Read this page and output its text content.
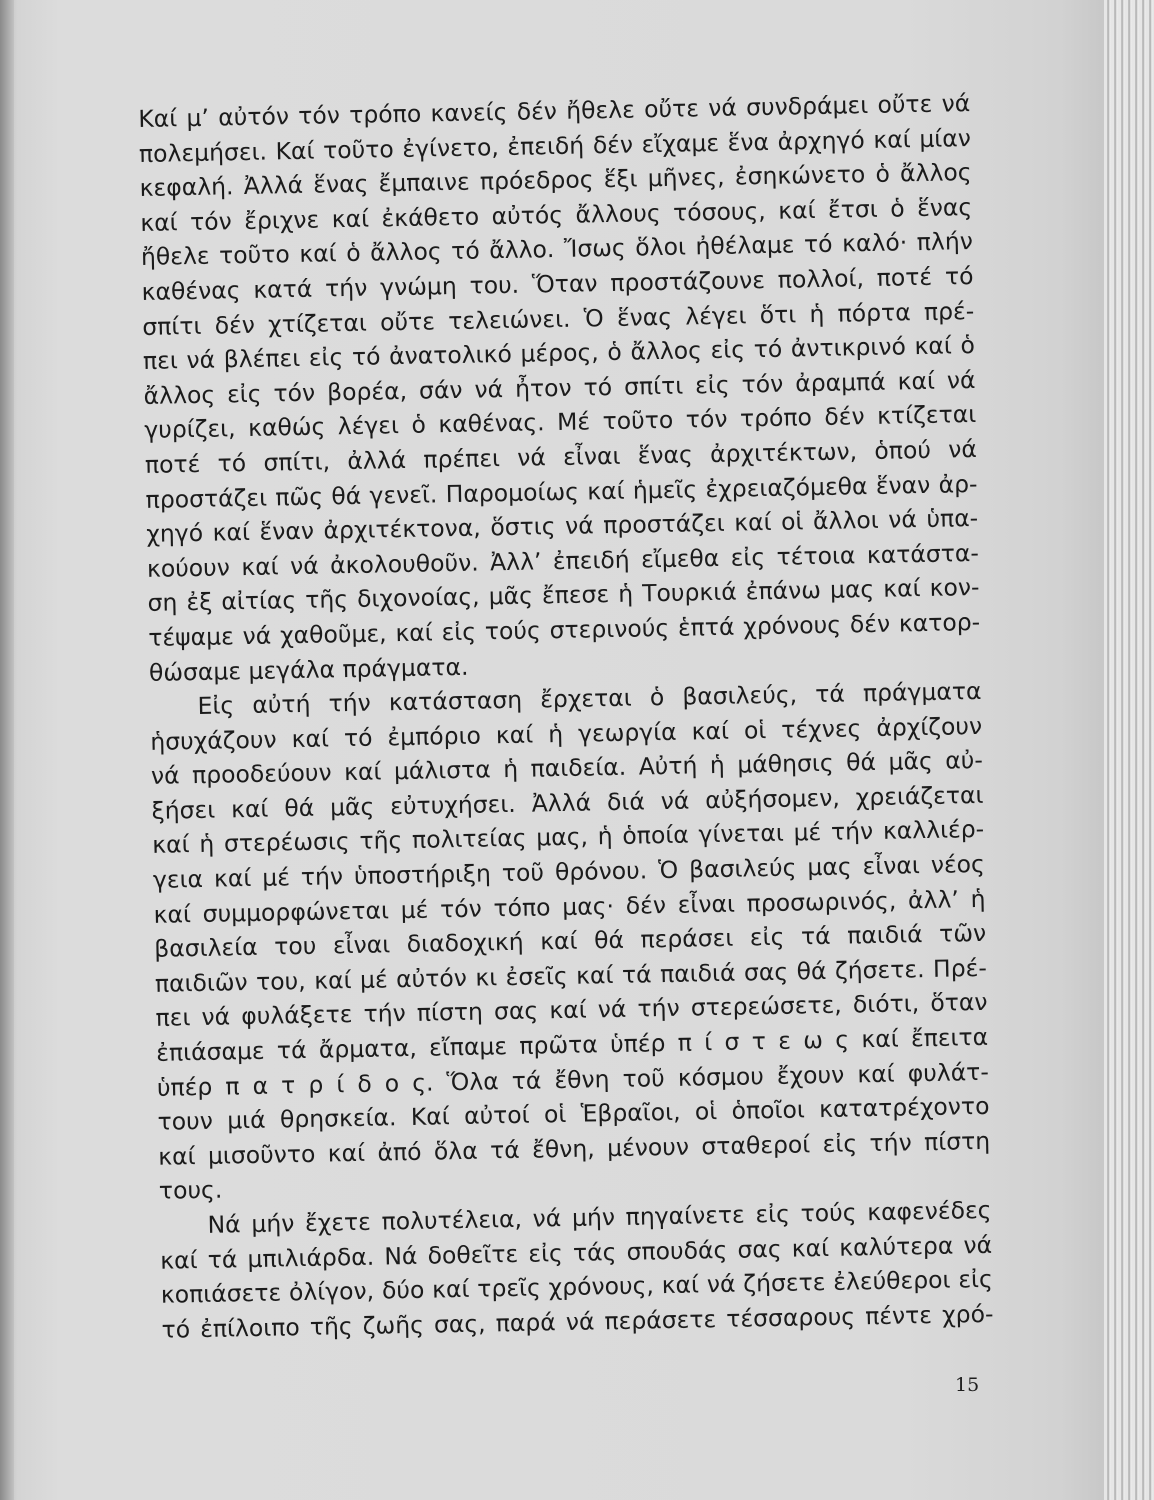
Καί μ’ αὐτόν τόν τρόπο κανείς δέν ἤθελε οὔτε νά συνδράμει οὔτε νά
πολεμήσει. Καί τοῦτο ἐγίνετο, ἐπειδή δέν εἴχαμε ἕνα ἀρχηγό καί μίαν
κεφαλή. Ἀλλά ἕνας ἔμπαινε πρόεδρος ἕξι μῆνες, ἐσηκώνετο ὁ ἄλλος
καί τόν ἔριχνε καί ἐκάθετο αὐτός ἄλλους τόσους, καί ἔτσι ὁ ἕνας
ἤθελε τοῦτο καί ὁ ἄλλος τό ἄλλο. Ἴσως ὅλοι ἠθέλαμε τό καλό· πλήν
καθένας κατά τήν γνώμη του. Ὅταν προστάζουνε πολλοί, ποτέ τό
σπίτι δέν χτίζεται οὔτε τελειώνει. Ὁ ἕνας λέγει ὅτι ἡ πόρτα πρέ-
πει νά βλέπει εἰς τό ἀνατολικό μέρος, ὁ ἄλλος εἰς τό ἀντικρινό καί ὁ
ἄλλος εἰς τόν βορέα, σάν νά ἦτον τό σπίτι εἰς τόν ἀραμπά καί νά
γυρίζει, καθώς λέγει ὁ καθένας. Μέ τοῦτο τόν τρόπο δέν κτίζεται
ποτέ τό σπίτι, ἀλλά πρέπει νά εἶναι ἕνας ἀρχιτέκτων, ὁπού νά
προστάζει πῶς θά γενεῖ. Παρομοίως καί ἡμεῖς ἐχρειαζόμεθα ἕναν ἀρ-
χηγό καί ἕναν ἀρχιτέκτονα, ὅστις νά προστάζει καί οἱ ἄλλοι νά ὑπα-
κούουν καί νά ἀκολουθοῦν. Ἀλλ’ ἐπειδή εἴμεθα εἰς τέτοια κατάστα-
ση ἐξ αἰτίας τῆς διχονοίας, μᾶς ἔπεσε ἡ Τουρκιά ἐπάνω μας καί κον-
τέψαμε νά χαθοῦμε, καί εἰς τούς στερινούς ἑπτά χρόνους δέν κατορ-
θώσαμε μεγάλα πράγματα.
Εἰς αὐτή τήν κατάσταση ἔρχεται ὁ βασιλεύς, τά πράγματα
ἡσυχάζουν καί τό ἐμπόριο καί ἡ γεωργία καί οἱ τέχνες ἀρχίζουν
νά προοδεύουν καί μάλιστα ἡ παιδεία. Αὐτή ἡ μάθησις θά μᾶς αὐ-
ξήσει καί θά μᾶς εὐτυχήσει. Ἀλλά διά νά αὐξήσομεν, χρειάζεται
καί ἡ στερέωσις τῆς πολιτείας μας, ἡ ὁποία γίνεται μέ τήν καλλιέρ-
γεια καί μέ τήν ὑποστήριξη τοῦ θρόνου. Ὁ βασιλεύς μας εἶναι νέος
καί συμμορφώνεται μέ τόν τόπο μας· δέν εἶναι προσωρινός, ἀλλ’ ἡ
βασιλεία του εἶναι διαδοχική καί θά περάσει εἰς τά παιδιά τῶν
παιδιῶν του, καί μέ αὐτόν κι ἐσεῖς καί τά παιδιά σας θά ζήσετε. Πρέ-
πει νά φυλάξετε τήν πίστη σας καί νά τήν στερεώσετε, διότι, ὅταν
ἐπιάσαμε τά ἄρματα, εἴπαμε πρῶτα ὑπέρ π ί σ τ ε ω ς καί ἔπειτα
ὑπέρ π α τ ρ ί δ ο ς. Ὅλα τά ἔθνη τοῦ κόσμου ἔχουν καί φυλάτ-
τουν μιά θρησκεία. Καί αὐτοί οἱ Ἑβραῖοι, οἱ ὁποῖοι κατατρέχοντο
καί μισοῦντο καί ἀπό ὅλα τά ἔθνη, μένουν σταθεροί εἰς τήν πίστη
τους.
Νά μήν ἔχετε πολυτέλεια, νά μήν πηγαίνετε εἰς τούς καφενέδες
καί τά μπιλιάρδα. Νά δοθεῖτε εἰς τάς σπουδάς σας καί καλύτερα νά
κοπιάσετε ὀλίγον, δύο καί τρεῖς χρόνους, καί νά ζήσετε ἐλεύθεροι εἰς
τό ἐπίλοιπο τῆς ζωῆς σας, παρά νά περάσετε τέσσαρους πέντε χρό-
15
